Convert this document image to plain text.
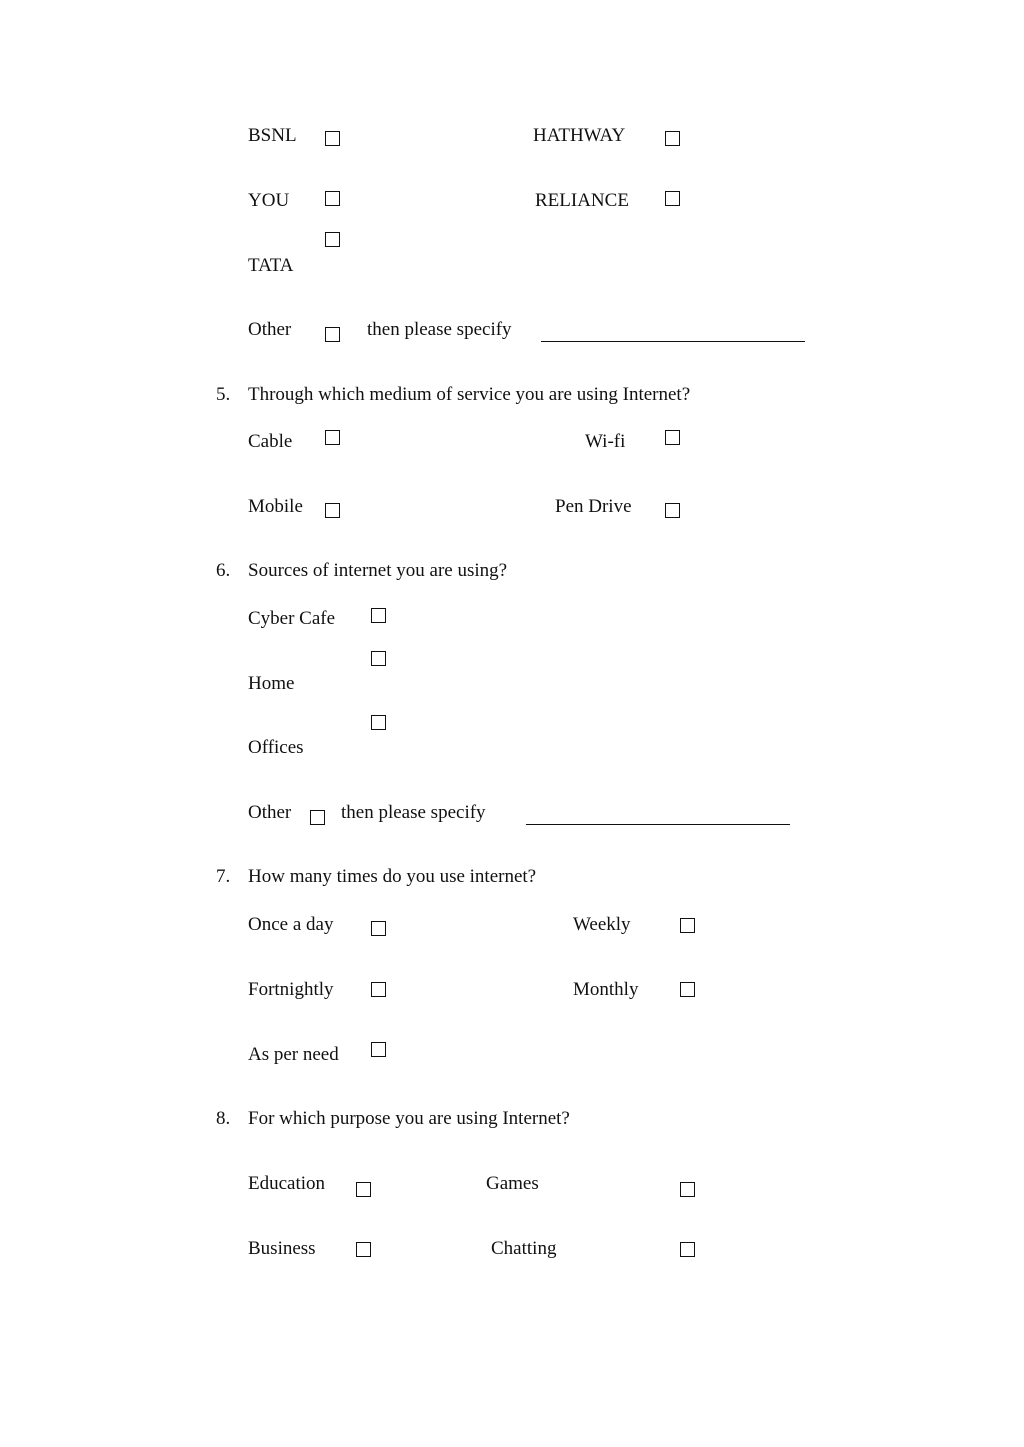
BSNL	HATHWAY
YOU	RELIANCE
TATA
Other	then please specify
5. Through which medium of service you are using Internet?
Cable	Wi-fi
Mobile	Pen Drive
6. Sources of internet you are using?
Cyber Cafe
Home
Offices
Other	then please specify
7. How many times do you use internet?
Once a day	Weekly
Fortnightly	Monthly
As per need
8. For which purpose you are using Internet?
Education	Games
Business	Chatting
